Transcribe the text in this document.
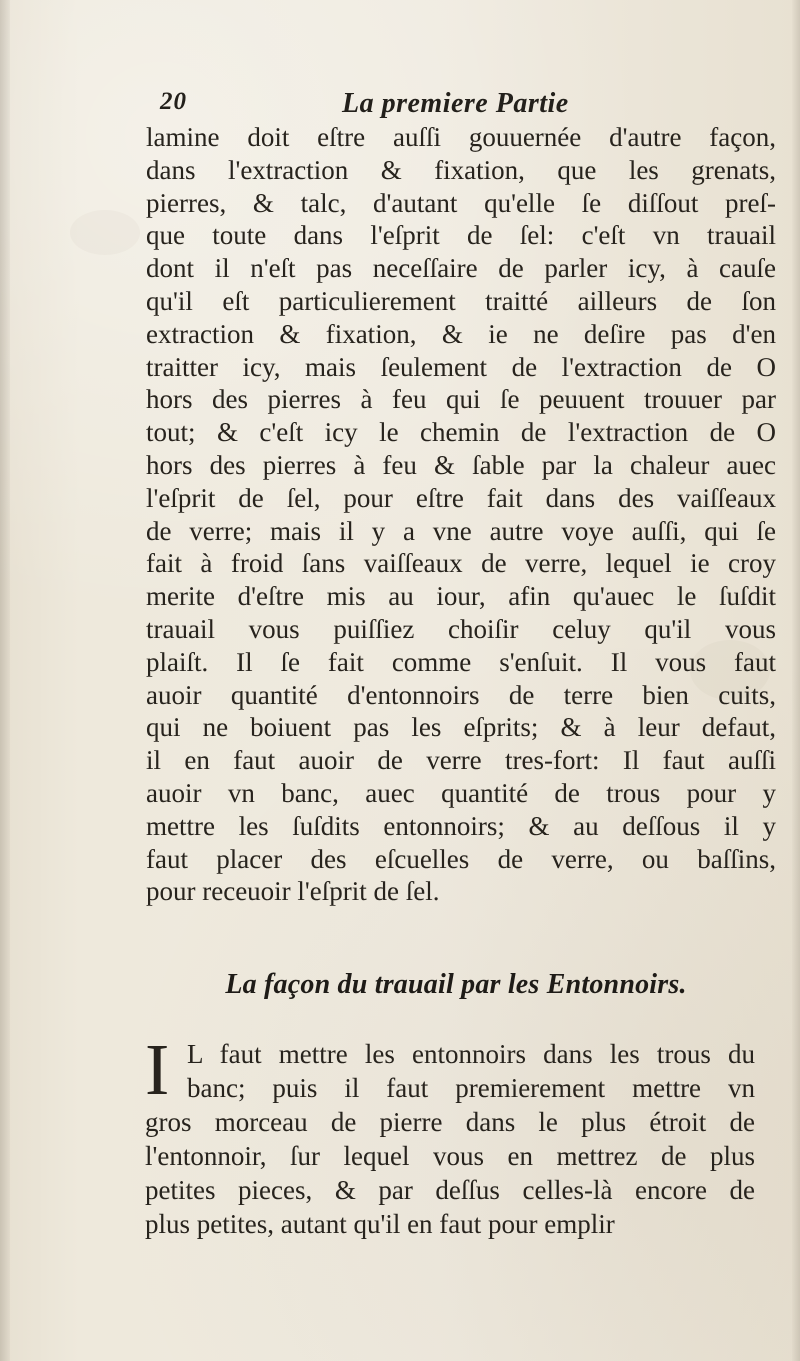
20	La premiere Partie
lamine doit eſtre auſſi gouuernée d'autre façon,
dans l'extraction & fixation, que les grenats,
pierres, & talc, d'autant qu'elle ſe diſſout preſ-
que toute dans l'eſprit de ſel: c'eſt vn trauail
dont il n'eſt pas neceſſaire de parler icy, à cauſe
qu'il eſt particulierement traitté ailleurs de ſon
extraction & fixation, & ie ne deſire pas d'en
traitter icy, mais ſeulement de l'extraction de O
hors des pierres à feu qui ſe peuuent trouuer par
tout; & c'eſt icy le chemin de l'extraction de O
hors des pierres à feu & ſable par la chaleur auec
l'eſprit de ſel, pour eſtre fait dans des vaiſſeaux
de verre; mais il y a vne autre voye auſſi, qui ſe
fait à froid ſans vaiſſeaux de verre, lequel ie croy
merite d'eſtre mis au iour, afin qu'auec le ſuſdit
trauail vous puiſſiez choiſir celuy qu'il vous
plaiſt. Il ſe fait comme s'enſuit. Il vous faut
auoir quantité d'entonnoirs de terre bien cuits,
qui ne boiuent pas les eſprits; & à leur defaut,
il en faut auoir de verre tres-fort: Il faut auſſi
auoir vn banc, auec quantité de trous pour y
mettre les ſuſdits entonnoirs; & au deſſous il y
faut placer des eſcuelles de verre, ou baſſins,
pour receuoir l'eſprit de ſel.
La façon du trauail par les Entonnoirs.
I L faut mettre les entonnoirs dans les trous du
banc; puis il faut premierement mettre vn
gros morceau de pierre dans le plus étroit de
l'entonnoir, ſur lequel vous en mettrez de plus
petites pieces, & par deſſus celles-là encore de
plus petites, autant qu'il en faut pour emplir
